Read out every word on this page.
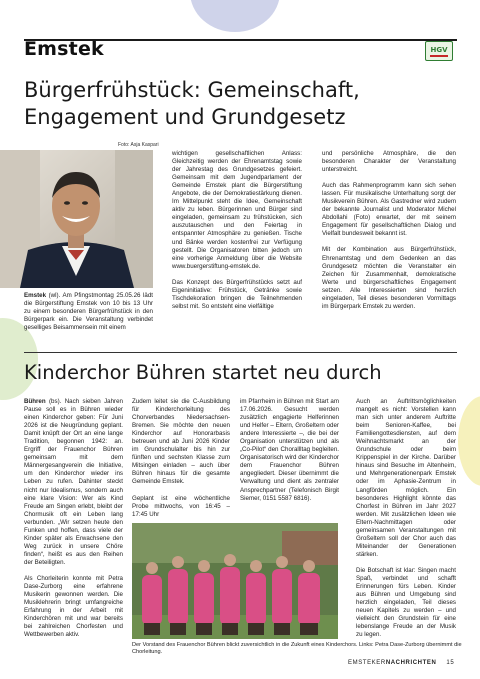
Emstek	HGV
Bürgerfrühstück: Gemeinschaft,
Engagement und Grundgesetz
Foto: Asja Kaspari

Emstek (wl). Am Pfingstmontag 25.05.26 lädt die Bürgerstiftung Emstek von 10 bis 13 Uhr zu einem besonderen Bürgerfrühstück in den Bürgerpark ein. Die Veranstaltung verbindet geselliges Beisammensein mit einem

wichtigen gesellschaftlichen Anlass: Gleichzeitig werden der Ehrenamtstag sowie der Jahrestag des Grundgesetzes gefeiert. Gemeinsam mit dem Jugendparlament der Gemeinde Emstek plant die Bürgerstiftung Angebote, die der Demokratiestärkung dienen. Im Mittelpunkt steht die Idee, Gemeinschaft aktiv zu leben. Bürgerinnen und Bürger sind eingeladen, gemeinsam zu frühstücken, sich auszutauschen und den Feiertag in entspannter Atmosphäre zu genießen. Tische und Bänke werden kostenfrei zur Verfügung gestellt. Die Organisatoren bitten jedoch um eine vorherige Anmeldung über die Website www.buergerstiftung-emstek.de.

Das Konzept des Bürgerfrühstücks setzt auf Eigeninitiative: Frühstück, Getränke sowie Tischdekoration bringen die Teilnehmenden selbst mit. So entsteht eine vielfältige

und persönliche Atmosphäre, die den besonderen Charakter der Veranstaltung unterstreicht.

Auch das Rahmenprogramm kann sich sehen lassen. Für musikalische Unterhaltung sorgt der Musikverein Bühren. Als Gastredner wird zudem der bekannte Journalist und Moderator Michel Abdollahi (Foto) erwartet, der mit seinem Engagement für gesellschaftlichen Dialog und Vielfalt bundesweit bekannt ist.

Mit der Kombination aus Bürgerfrühstück, Ehrenamtstag und dem Gedenken an das Grundgesetz möchten die Veranstalter ein Zeichen für Zusammenhalt, demokratische Werte und bürgerschaftliches Engagement setzen. Alle Interessierten sind herzlich eingeladen, Teil dieses besonderen Vormittags im Bürgerpark Emstek zu werden.

Kinderchor Bühren startet neu durch

Bühren (bs). Nach sieben Jahren Pause soll es in Bühren wieder einen Kinderchor geben: Für Juni 2026 ist die Neugründung geplant. Damit knüpft der Ort an eine lange Tradition, begonnen 1942: an. Ergriff der Frauenchor Bühren gemeinsam mit dem Männergesangverein die Initiative, um den Kinderchor wieder ins Leben zu rufen. Dahinter steckt nicht nur Idealismus, sondern auch eine klare Vision: Wer als Kind Freude am Singen erlebt, bleibt der Chormusik oft ein Leben lang verbunden. „Wir setzen heute den Funken und hoffen, dass viele der Kinder später als Erwachsene den Weg zurück in unsere Chöre finden“, heißt es aus den Reihen der Beteiligten.

Als Chorleiterin konnte mit Petra Dase-Zurborg eine erfahrene Musikerin gewonnen werden. Die Musiklehrerin bringt umfangreiche Erfahrung in der Arbeit mit Kinderchören mit und war bereits bei zahlreichen Chorfesten und Wettbewerben aktiv.

Zudem leitet sie die C-Ausbildung für Kinderchorleitung des Chorverbandes Niedersachsen-Bremen. Sie möchte den neuen Kinderchor auf Honorarbasis betreuen und ab Juni 2026 Kinder im Grundschulalter bis hin zur fünften und sechsten Klasse zum Mitsingen einladen – auch über Bühren hinaus für die gesamte Gemeinde Emstek.

Geplant ist eine wöchentliche Probe mittwochs, von 16:45 – 17:45 Uhr

im Pfarrheim in Bühren mit Start am 17.06.2026. Gesucht werden zusätzlich engagierte Helferinnen und Helfer – Eltern, Großeltern oder andere Interessierte –, die bei der Organisation unterstützen und als „Co-Pilot“ den Chorallltag begleiten. Organisatorisch wird der Kinderchor dem Frauenchor Bühren angegliedert. Dieser übernimmt die Verwaltung und dient als zentraler Ansprechpartner (Telefonisch Birgit Siemer, 0151 5587 6816).

Auch an Auftrittsmöglichkeiten mangelt es nicht: Vorstellen kann man sich unter anderem Auftritte beim Senioren-Kaffee, bei Familiengottesdiensten, auf dem Weihnachtsmarkt an der Grundschule oder beim Krippenspiel in der Kirche. Darüber hinaus sind Besuche im Altenheim, und Mehrgenerationenpark Emstek oder im Aphasie-Zentrum in Langförden möglich. Ein besonderes Highlight könnte das Chorfest in Bühren im Jahr 2027 werden. Mit zusätzlichen Ideen wie Eltern-Nachmittagen oder gemeinsamen Veranstaltungen mit Großeltern soll der Chor auch das Miteinander der Generationen stärken.

Die Botschaft ist klar: Singen macht Spaß, verbindet und schafft Erinnerungen fürs Leben. Kinder aus Bühren und Umgebung sind herzlich eingeladen, Teil dieses neuen Kapitels zu werden – und vielleicht den Grundstein für eine lebenslange Freude an der Musik zu legen.

Der Vorstand des Frauenchor Bühren blickt zuversichtlich in die Zukunft eines Kinderchors. Links: Petra Dase-Zurborg übernimmt die Chorleitung.
EMSTEKERNACHRICHTEN 15
